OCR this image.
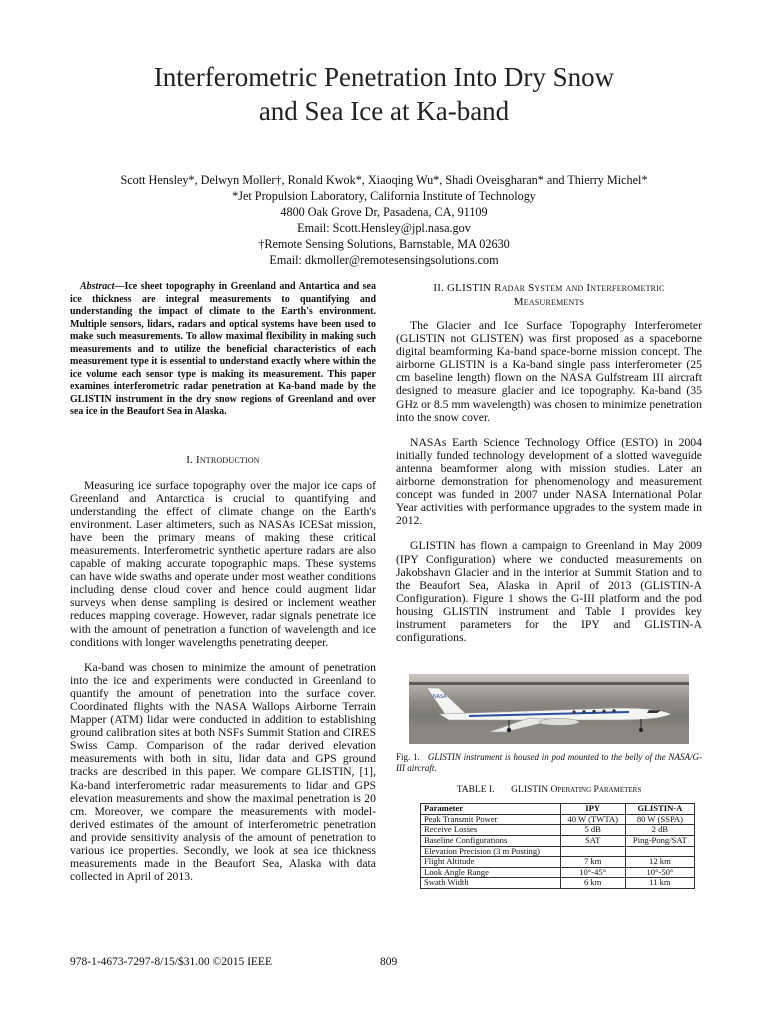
Interferometric Penetration Into Dry Snow
and Sea Ice at Ka-band
Scott Hensley*, Delwyn Moller†, Ronald Kwok*, Xiaoqing Wu*, Shadi Oveisgharan* and Thierry Michel*
*Jet Propulsion Laboratory, California Institute of Technology
4800 Oak Grove Dr, Pasadena, CA, 91109
Email: Scott.Hensley@jpl.nasa.gov
†Remote Sensing Solutions, Barnstable, MA 02630
Email: dkmoller@remotesensingsolutions.com

Abstract—Ice sheet topography in Greenland and Antartica and sea ice thickness are integral measurements to quantifying and understanding the impact of climate to the Earth's environment. Multiple sensors, lidars, radars and optical systems have been used to make such measurements. To allow maximal flexibility in making such measurements and to utilize the beneficial characteristics of each measurement type it is essential to understand exactly where within the ice volume each sensor type is making its measurement. This paper examines interferometric radar penetration at Ka-band made by the GLISTIN instrument in the dry snow regions of Greenland and over sea ice in the Beaufort Sea in Alaska.

I. Introduction

Measuring ice surface topography over the major ice caps of Greenland and Antarctica is crucial to quantifying and understanding the effect of climate change on the Earth's environment. Laser altimeters, such as NASAs ICESat mission, have been the primary means of making these critical measurements. Interferometric synthetic aperture radars are also capable of making accurate topographic maps. These systems can have wide swaths and operate under most weather conditions including dense cloud cover and hence could augment lidar surveys when dense sampling is desired or inclement weather reduces mapping coverage. However, radar signals penetrate ice with the amount of penetration a function of wavelength and ice conditions with longer wavelengths penetrating deeper.

Ka-band was chosen to minimize the amount of penetration into the ice and experiments were conducted in Greenland to quantify the amount of penetration into the surface cover. Coordinated flights with the NASA Wallops Airborne Terrain Mapper (ATM) lidar were conducted in addition to establishing ground calibration sites at both NSFs Summit Station and CIRES Swiss Camp. Comparison of the radar derived elevation measurements with both in situ, lidar data and GPS ground tracks are described in this paper. We compare GLISTIN, [1], Ka-band interferometric radar measurements to lidar and GPS elevation measurements and show the maximal penetration is 20 cm. Moreover, we compare the measurements with model-derived estimates of the amount of interferometric penetration and provide sensitivity analysis of the amount of penetration to various ice properties. Secondly, we look at sea ice thickness measurements made in the Beaufort Sea, Alaska with data collected in April of 2013.

II. GLISTIN Radar System and Interferometric
Measurements

The Glacier and Ice Surface Topography Interferometer (GLISTIN not GLISTEN) was first proposed as a spaceborne digital beamforming Ka-band space-borne mission concept. The airborne GLISTIN is a Ka-band single pass interferometer (25 cm baseline length) flown on the NASA Gulfstream III aircraft designed to measure glacier and ice topography. Ka-band (35 GHz or 8.5 mm wavelength) was chosen to minimize penetration into the snow cover.

NASAs Earth Science Technology Office (ESTO) in 2004 initially funded technology development of a slotted waveguide antenna beamformer along with mission studies. Later an airborne demonstration for phenomenology and measurement concept was funded in 2007 under NASA International Polar Year activities with performance upgrades to the system made in 2012.

GLISTIN has flown a campaign to Greenland in May 2009 (IPY Configuration) where we conducted measurements on Jakobshavn Glacier and in the interior at Summit Station and to the Beaufort Sea, Alaska in April of 2013 (GLISTIN-A Configuration). Figure 1 shows the G-III platform and the pod housing GLISTIN instrument and Table I provides key instrument parameters for the IPY and GLISTIN-A configurations.

NASA

Fig. 1. GLISTIN instrument is housed in pod mounted to the belly of the NASA/G-III aircraft.

TABLE I. GLISTIN Operating Parameters

Parameter	IPY	GLISTIN-A
Peak Transmit Power	40 W (TWTA)	80 W (SSPA)
Receive Losses	5 dB	2 dB
Baseline Configurations	SAT	Ping-Pong/SAT
Elevation Precision (3 m Posting)		
Flight Altitude	7 km	12 km
Look Angle Range	10°-45°	10°-50°
Swath Width	6 km	11 km
978-1-4673-7297-8/15/$31.00 ©2015 IEEE	809
